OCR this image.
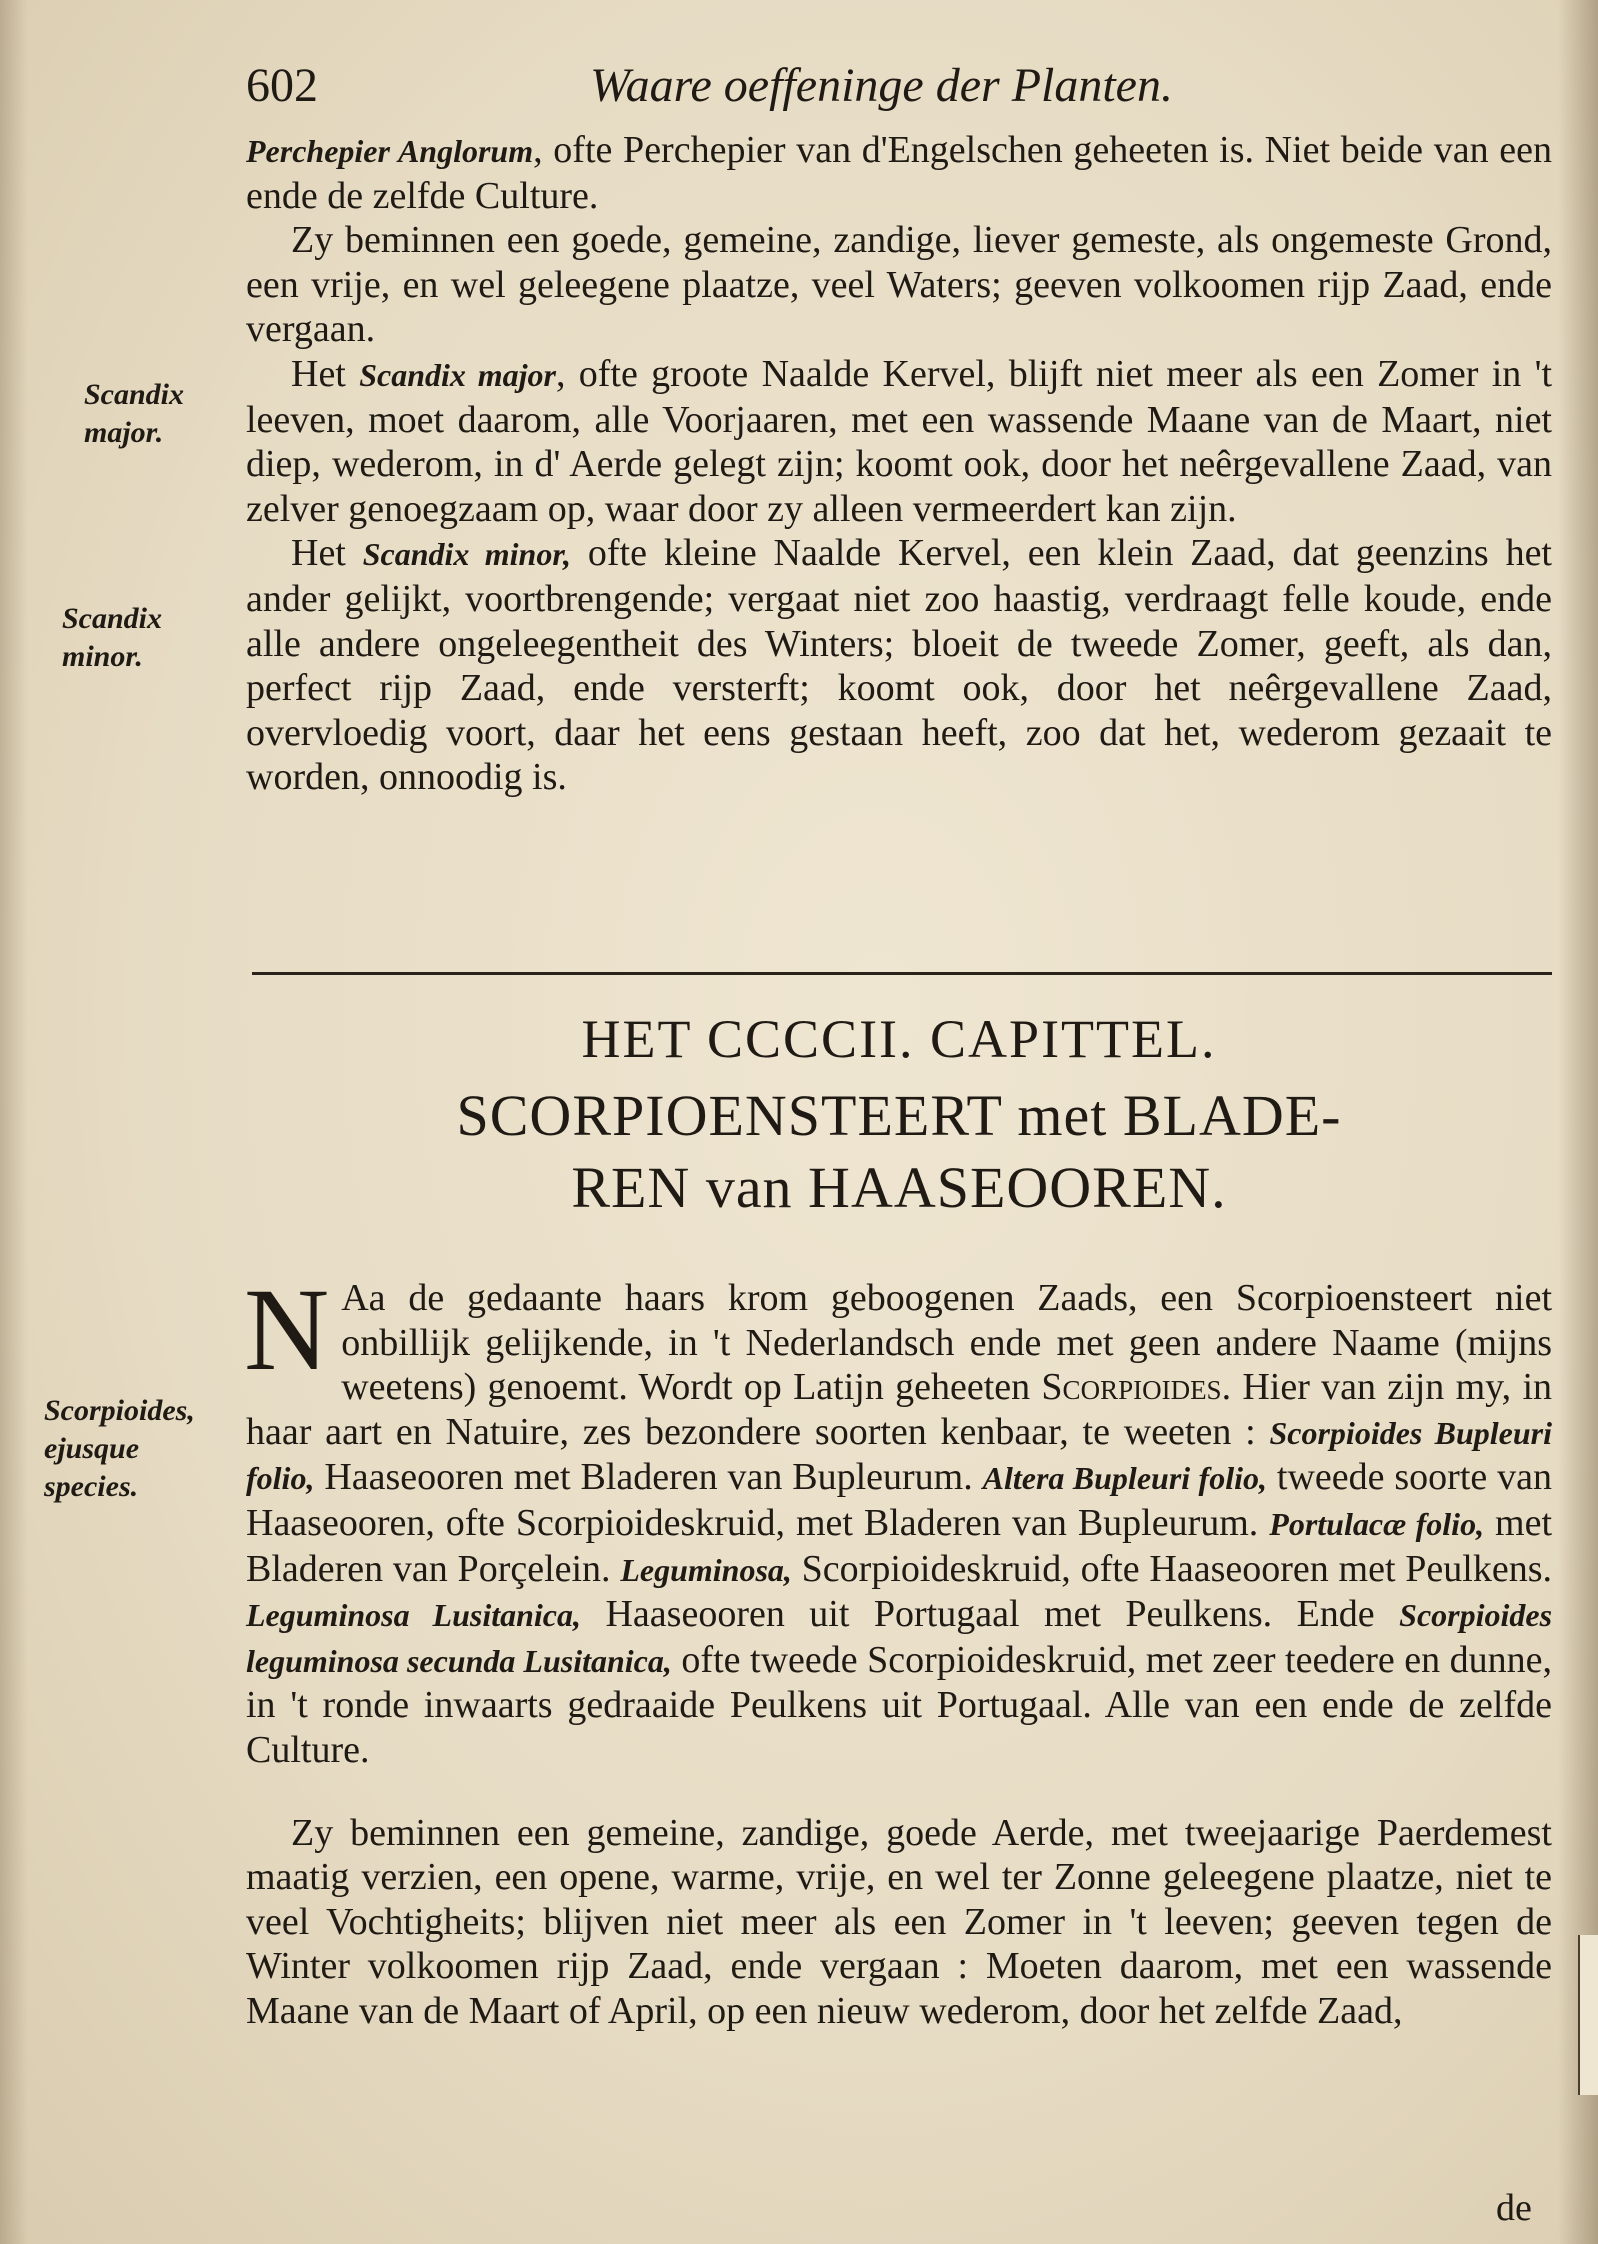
602	Waare oeffeninge der Planten.
Scandix major.
Scandix minor.
Scorpioides, ejusque species.

Perchepier Anglorum, ofte Perchepier van d'Engelschen geheeten is. Niet beide van een ende de zelfde Culture.

Zy beminnen een goede, gemeine, zandige, liever gemeste, als ongemeste Grond, een vrije, en wel geleegene plaatze, veel Waters; geeven volkoomen rijp Zaad, ende vergaan.

Het Scandix major, ofte groote Naalde Kervel, blijft niet meer als een Zomer in 't leeven, moet daarom, alle Voorjaaren, met een wassende Maane van de Maart, niet diep, wederom, in d' Aerde gelegt zijn; koomt ook, door het neêrgevallene Zaad, van zelver genoegzaam op, waar door zy alleen vermeerdert kan zijn.

Het Scandix minor, ofte kleine Naalde Kervel, een klein Zaad, dat geenzins het ander gelijkt, voortbrengende; vergaat niet zoo haastig, verdraagt felle koude, ende alle andere ongeleegentheit des Winters; bloeit de tweede Zomer, geeft, als dan, perfect rijp Zaad, ende versterft; koomt ook, door het neêrgevallene Zaad, overvloedig voort, daar het eens gestaan heeft, zoo dat het, wederom gezaait te worden, onnoodig is.

HET CCCCII. CAPITTEL.
SCORPIOENSTEERT met BLADE-
REN van HAASEOOREN.

N Aa de gedaante haars krom geboogenen Zaads, een Scorpioensteert niet onbillijk gelijkende, in 't Nederlandsch ende met geen andere Naame (mijns weetens) genoemt. Wordt op Latijn geheeten Scorpioides. Hier van zijn my, in haar aart en Natuire, zes bezondere soorten kenbaar, te weeten : Scorpioides Bupleuri folio, Haaseooren met Bladeren van Bupleurum. Altera Bupleuri folio, tweede soorte van Haaseooren, ofte Scorpioideskruid, met Bladeren van Bupleurum. Portulacæ folio, met Bladeren van Porçelein. Leguminosa, Scorpioideskruid, ofte Haaseooren met Peulkens. Leguminosa Lusitanica, Haaseooren uit Portugaal met Peulkens. Ende Scorpioides leguminosa secunda Lusitanica, ofte tweede Scorpioideskruid, met zeer teedere en dunne, in 't ronde inwaarts gedraaide Peulkens uit Portugaal. Alle van een ende de zelfde Culture.

Zy beminnen een gemeine, zandige, goede Aerde, met tweejaarige Paerdemest maatig verzien, een opene, warme, vrije, en wel ter Zonne geleegene plaatze, niet te veel Vochtigheits; blijven niet meer als een Zomer in 't leeven; geeven tegen de Winter volkoomen rijp Zaad, ende vergaan : Moeten daarom, met een wassende Maane van de Maart of April, op een nieuw wederom, door het zelfde Zaad,

de
